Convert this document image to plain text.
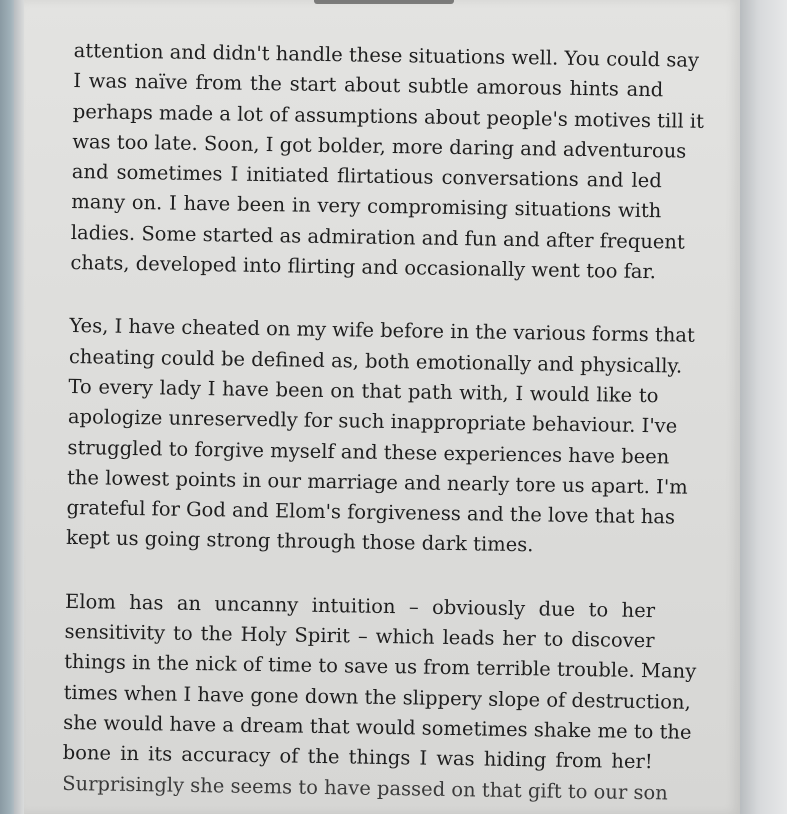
attention and didn't handle these situations well. You could say
I was naïve from the start about subtle amorous hints and
perhaps made a lot of assumptions about people's motives till it
was too late. Soon, I got bolder, more daring and adventurous
and sometimes I initiated flirtatious conversations and led
many on. I have been in very compromising situations with
ladies. Some started as admiration and fun and after frequent
chats, developed into flirting and occasionally went too far.
Yes, I have cheated on my wife before in the various forms that
cheating could be defined as, both emotionally and physically.
To every lady I have been on that path with, I would like to
apologize unreservedly for such inappropriate behaviour. I've
struggled to forgive myself and these experiences have been
the lowest points in our marriage and nearly tore us apart. I'm
grateful for God and Elom's forgiveness and the love that has
kept us going strong through those dark times.
Elom has an uncanny intuition – obviously due to her
sensitivity to the Holy Spirit – which leads her to discover
things in the nick of time to save us from terrible trouble. Many
times when I have gone down the slippery slope of destruction,
she would have a dream that would sometimes shake me to the
bone in its accuracy of the things I was hiding from her!
Surprisingly she seems to have passed on that gift to our son
